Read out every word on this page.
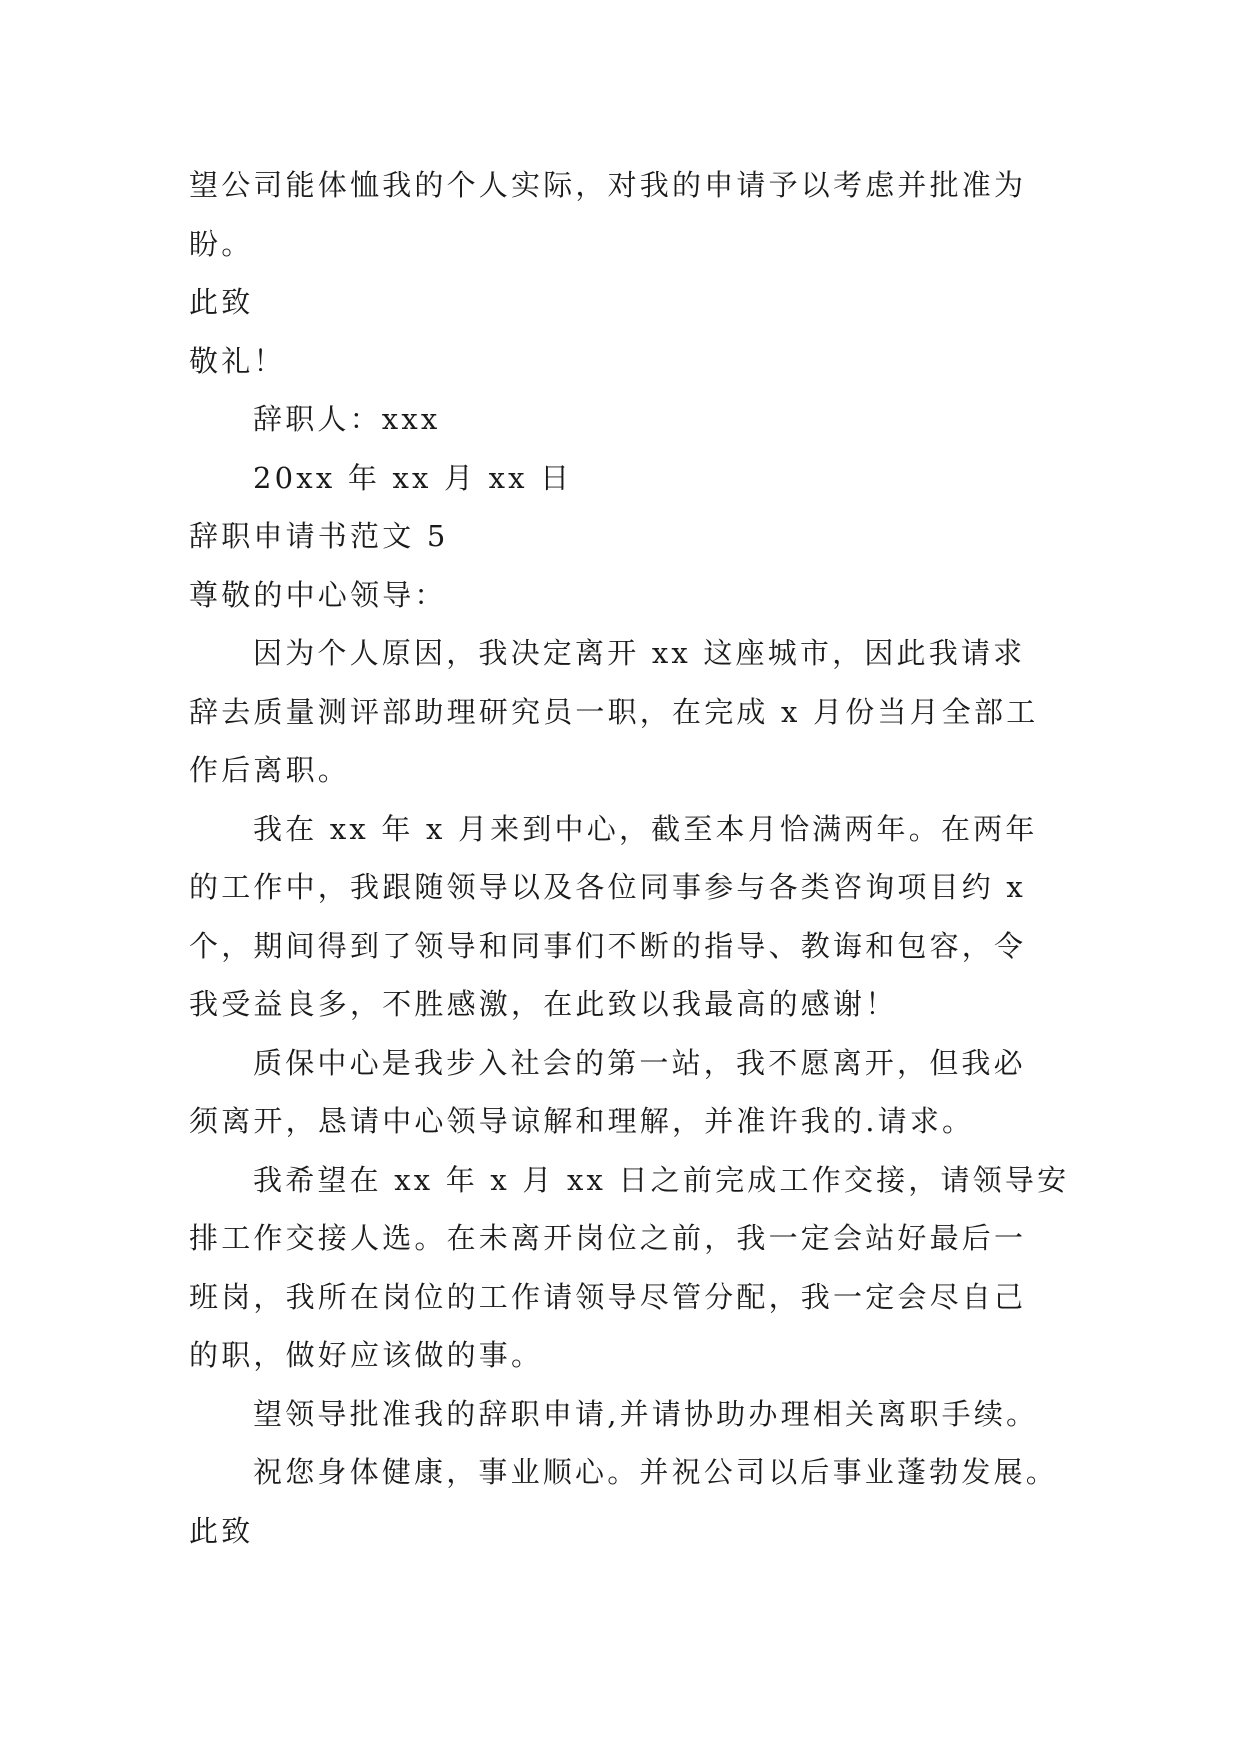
望公司能体恤我的个人实际，对我的申请予以考虑并批准为
盼。
此致
敬礼！
辞职人：xxx
20xx 年 xx 月 xx 日
辞职申请书范文 5
尊敬的中心领导：
因为个人原因，我决定离开 xx 这座城市，因此我请求
辞去质量测评部助理研究员一职，在完成 x 月份当月全部工
作后离职。
我在 xx 年 x 月来到中心，截至本月恰满两年。在两年
的工作中，我跟随领导以及各位同事参与各类咨询项目约 x
个，期间得到了领导和同事们不断的指导、教诲和包容，令
我受益良多，不胜感激，在此致以我最高的感谢！
质保中心是我步入社会的第一站，我不愿离开，但我必
须离开，恳请中心领导谅解和理解，并准许我的.请求。
我希望在 xx 年 x 月 xx 日之前完成工作交接，请领导安
排工作交接人选。在未离开岗位之前，我一定会站好最后一
班岗，我所在岗位的工作请领导尽管分配，我一定会尽自己
的职，做好应该做的事。
望领导批准我的辞职申请,并请协助办理相关离职手续。
祝您身体健康，事业顺心。并祝公司以后事业蓬勃发展。
此致
